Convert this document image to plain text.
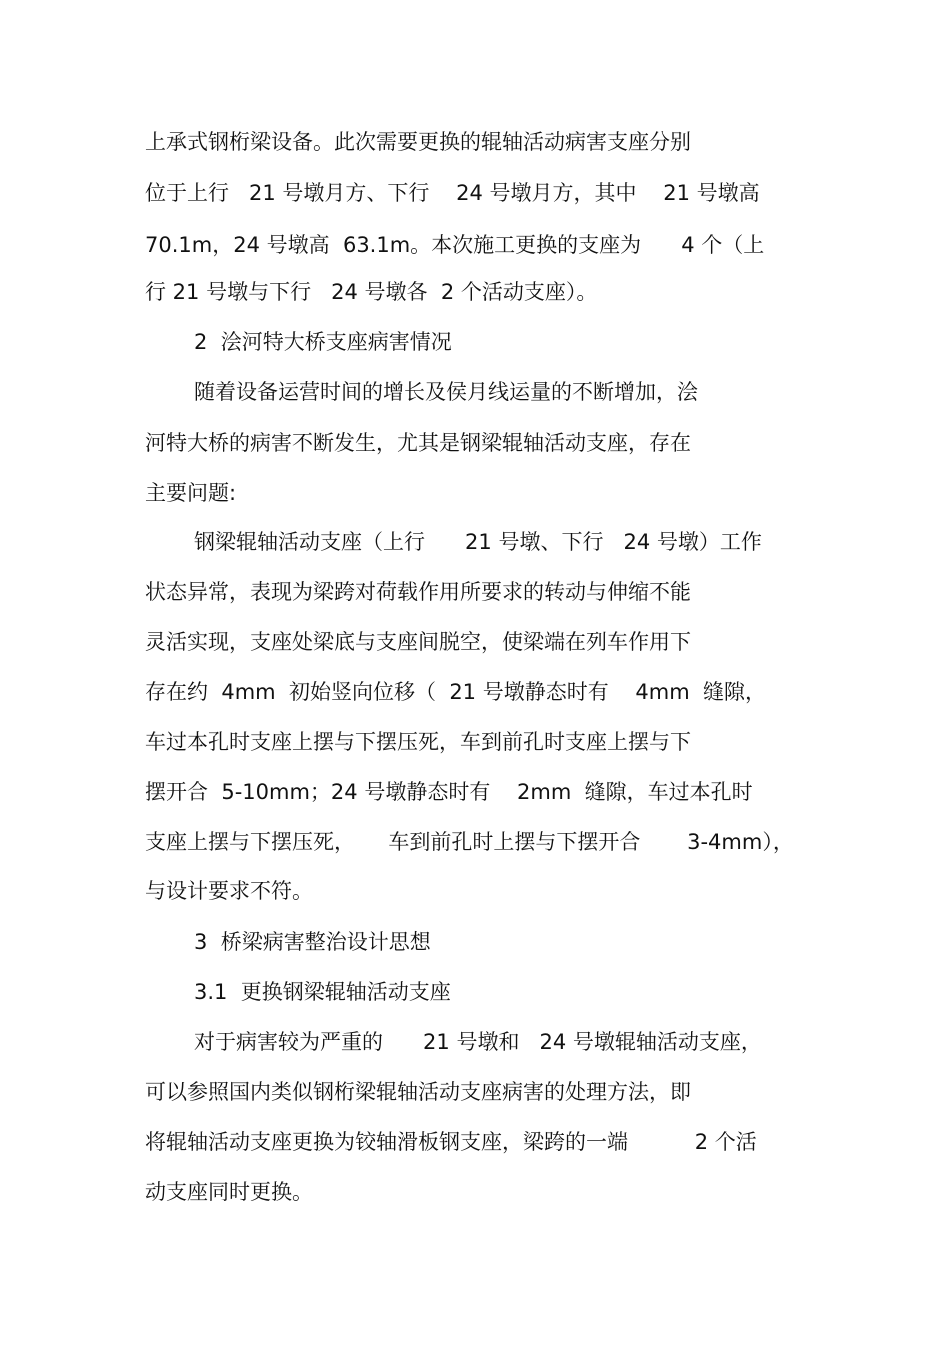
上承式钢桁梁设备。此次需要更换的辊轴活动病害支座分别

位于上行   21 号墩月方、下行    24 号墩月方，其中    21 号墩高

70.1m，24 号墩高  63.1m。本次施工更换的支座为      4 个（上

行 21 号墩与下行   24 号墩各  2 个活动支座）。

2  浍河特大桥支座病害情况

随着设备运营时间的增长及侯月线运量的不断增加，浍

河特大桥的病害不断发生，尤其是钢梁辊轴活动支座，存在

主要问题:

钢梁辊轴活动支座（上行      21 号墩、下行   24 号墩）工作

状态异常，表现为梁跨对荷载作用所要求的转动与伸缩不能

灵活实现，支座处梁底与支座间脱空，使梁端在列车作用下

存在约  4mm  初始竖向位移（  21 号墩静态时有    4mm  缝隙，

车过本孔时支座上摆与下摆压死，车到前孔时支座上摆与下

摆开合  5-10mm；24 号墩静态时有    2mm  缝隙，车过本孔时

支座上摆与下摆压死，     车到前孔时上摆与下摆开合       3-4mm），

与设计要求不符。

3  桥梁病害整治设计思想

3.1  更换钢梁辊轴活动支座

对于病害较为严重的      21 号墩和   24 号墩辊轴活动支座，

可以参照国内类似钢桁梁辊轴活动支座病害的处理方法，即

将辊轴活动支座更换为铰轴滑板钢支座，梁跨的一端          2 个活

动支座同时更换。
